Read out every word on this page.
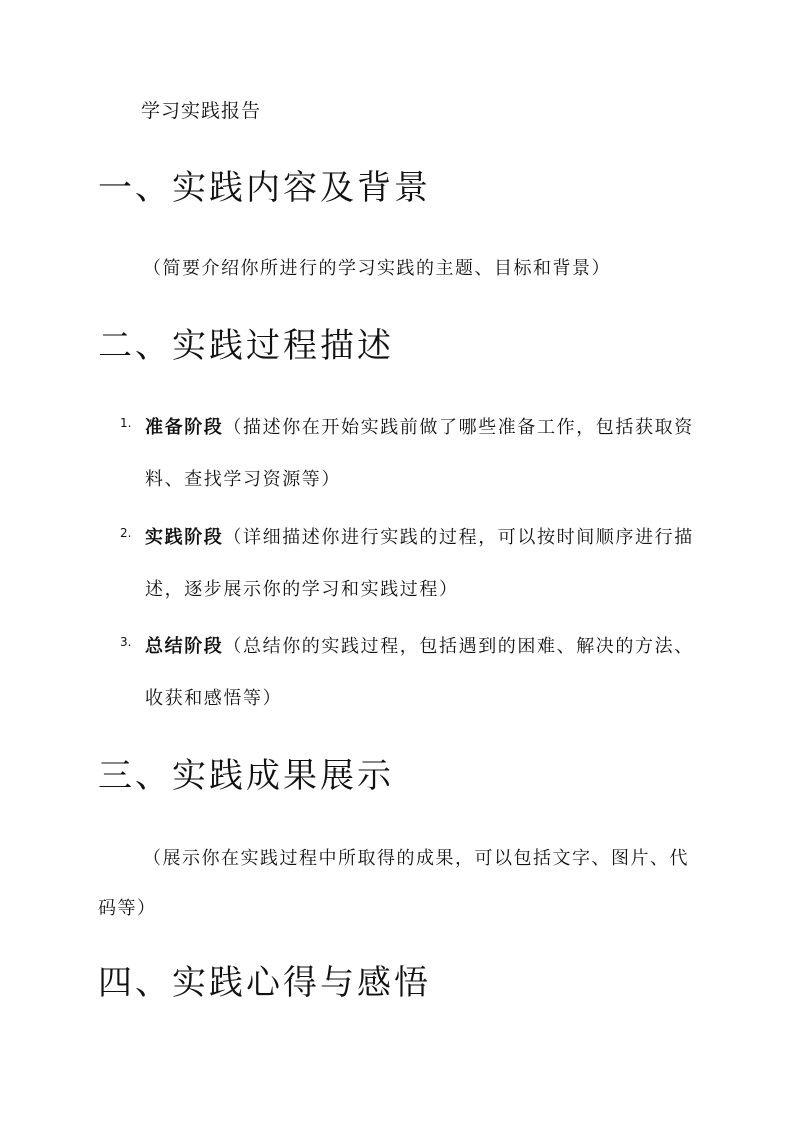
学习实践报告
一、实践内容及背景

（简要介绍你所进行的学习实践的主题、目标和背景）

二、实践过程描述
1. 准备阶段（描述你在开始实践前做了哪些准备工作，包括获取资料、查找学习资源等）
2. 实践阶段（详细描述你进行实践的过程，可以按时间顺序进行描述，逐步展示你的学习和实践过程）
3. 总结阶段（总结你的实践过程，包括遇到的困难、解决的方法、收获和感悟等）
三、实践成果展示

（展示你在实践过程中所取得的成果，可以包括文字、图片、代码等）

四、实践心得与感悟
